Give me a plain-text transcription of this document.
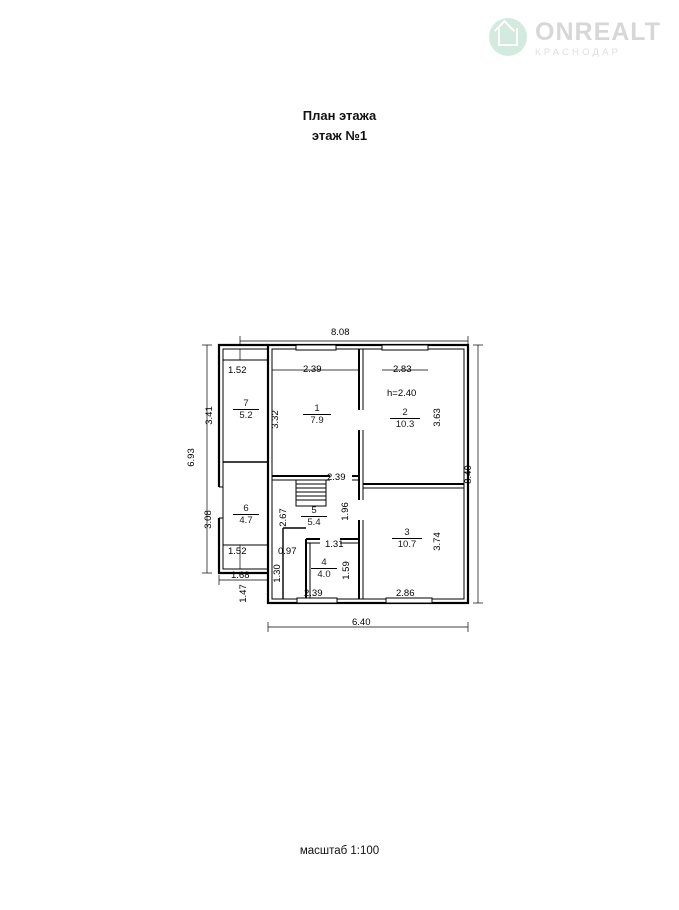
ONREALT
КРАСНОДАР
План этажа
этаж №1
8.08
2.39	2.83
h=2.40
6.93
8.40
1.52
3.41
3.08
1.52
1.68
1.47
3.32
2.39
1.96
2.67
1.31
0.97
1.30	1.59
3.63
3.74
2.86
2.39
6.40
1
7.9
2
10.3
3
10.7
4
4.0
5
5.4
6
4.7
7
5.2
масштаб 1:100
